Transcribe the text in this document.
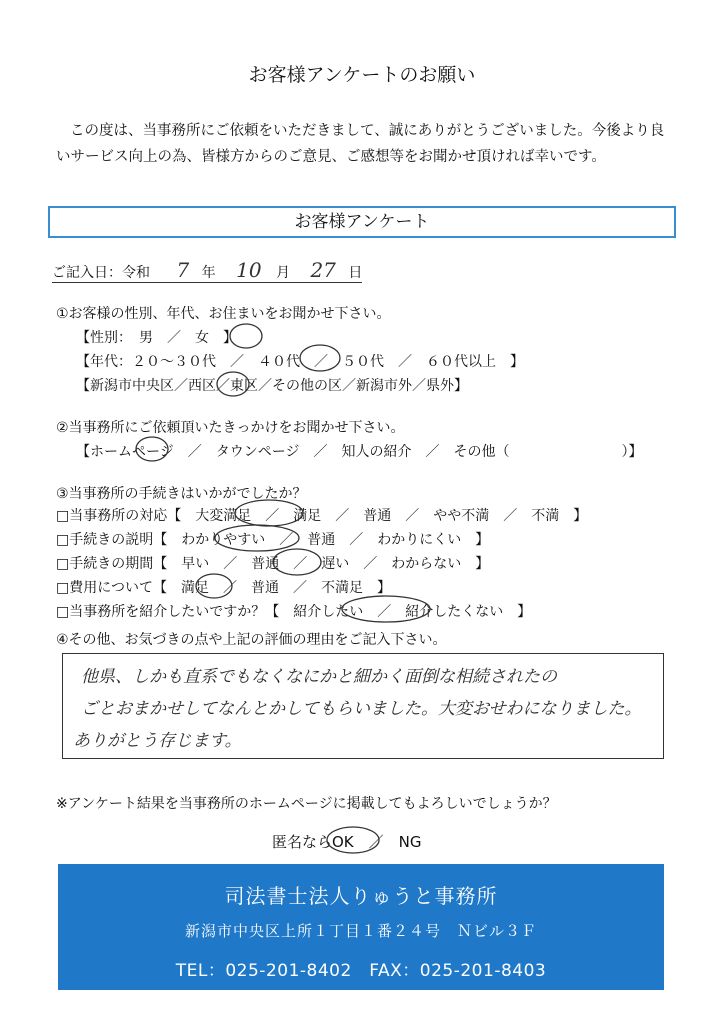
お客様アンケートのお願い
この度は、当事務所にご依頼をいただきまして、誠にありがとうございました。今後より良いサービス向上の為、皆様方からのご意見、ご感想等をお聞かせ頂ければ幸いです。
お客様アンケート
ご記入日：令和 7 年 10 月 27 日
①お客様の性別、年代、お住まいをお聞かせ下さい。
【性別：　男　／　女　】
【年代：２０～３０代　／　４０代　／　５０代　／　６０代以上　】
【新潟市中央区／西区／東区／その他の区／新潟市外／県外】
②当事務所にご依頼頂いたきっかけをお聞かせ下さい。
【ホームページ　／　タウンページ　／　知人の紹介　／　その他（　　　　　　　　）】
③当事務所の手続きはいかがでしたか？
□当事務所の対応【　大変満足　／　満足　／　普通　／　やや不満　／　不満　】
□手続きの説明【　わかりやすい　／　普通　／　わかりにくい　】
□手続きの期間【　早い　／　普通　／　遅い　／　わからない　】
□費用について【　満足　／　普通　／　不満足　】
□当事務所を紹介したいですか？【　紹介したい　／　紹介したくない　】
④その他、お気づきの点や上記の評価の理由をご記入下さい。
他県、しかも直系でもなくなにかと細かく面倒な相続されたの
ごとおまかせしてなんとかしてもらいました。大変おせわになりました。
ありがとう存じます。
※アンケート結果を当事務所のホームページに掲載してもよろしいでしょうか？
匿名ならOK　／　NG
司法書士法人りゅうと事務所
新潟市中央区上所１丁目１番２４号　Ｎビル３Ｆ
TEL：025-201-8402　FAX：025-201-8403
